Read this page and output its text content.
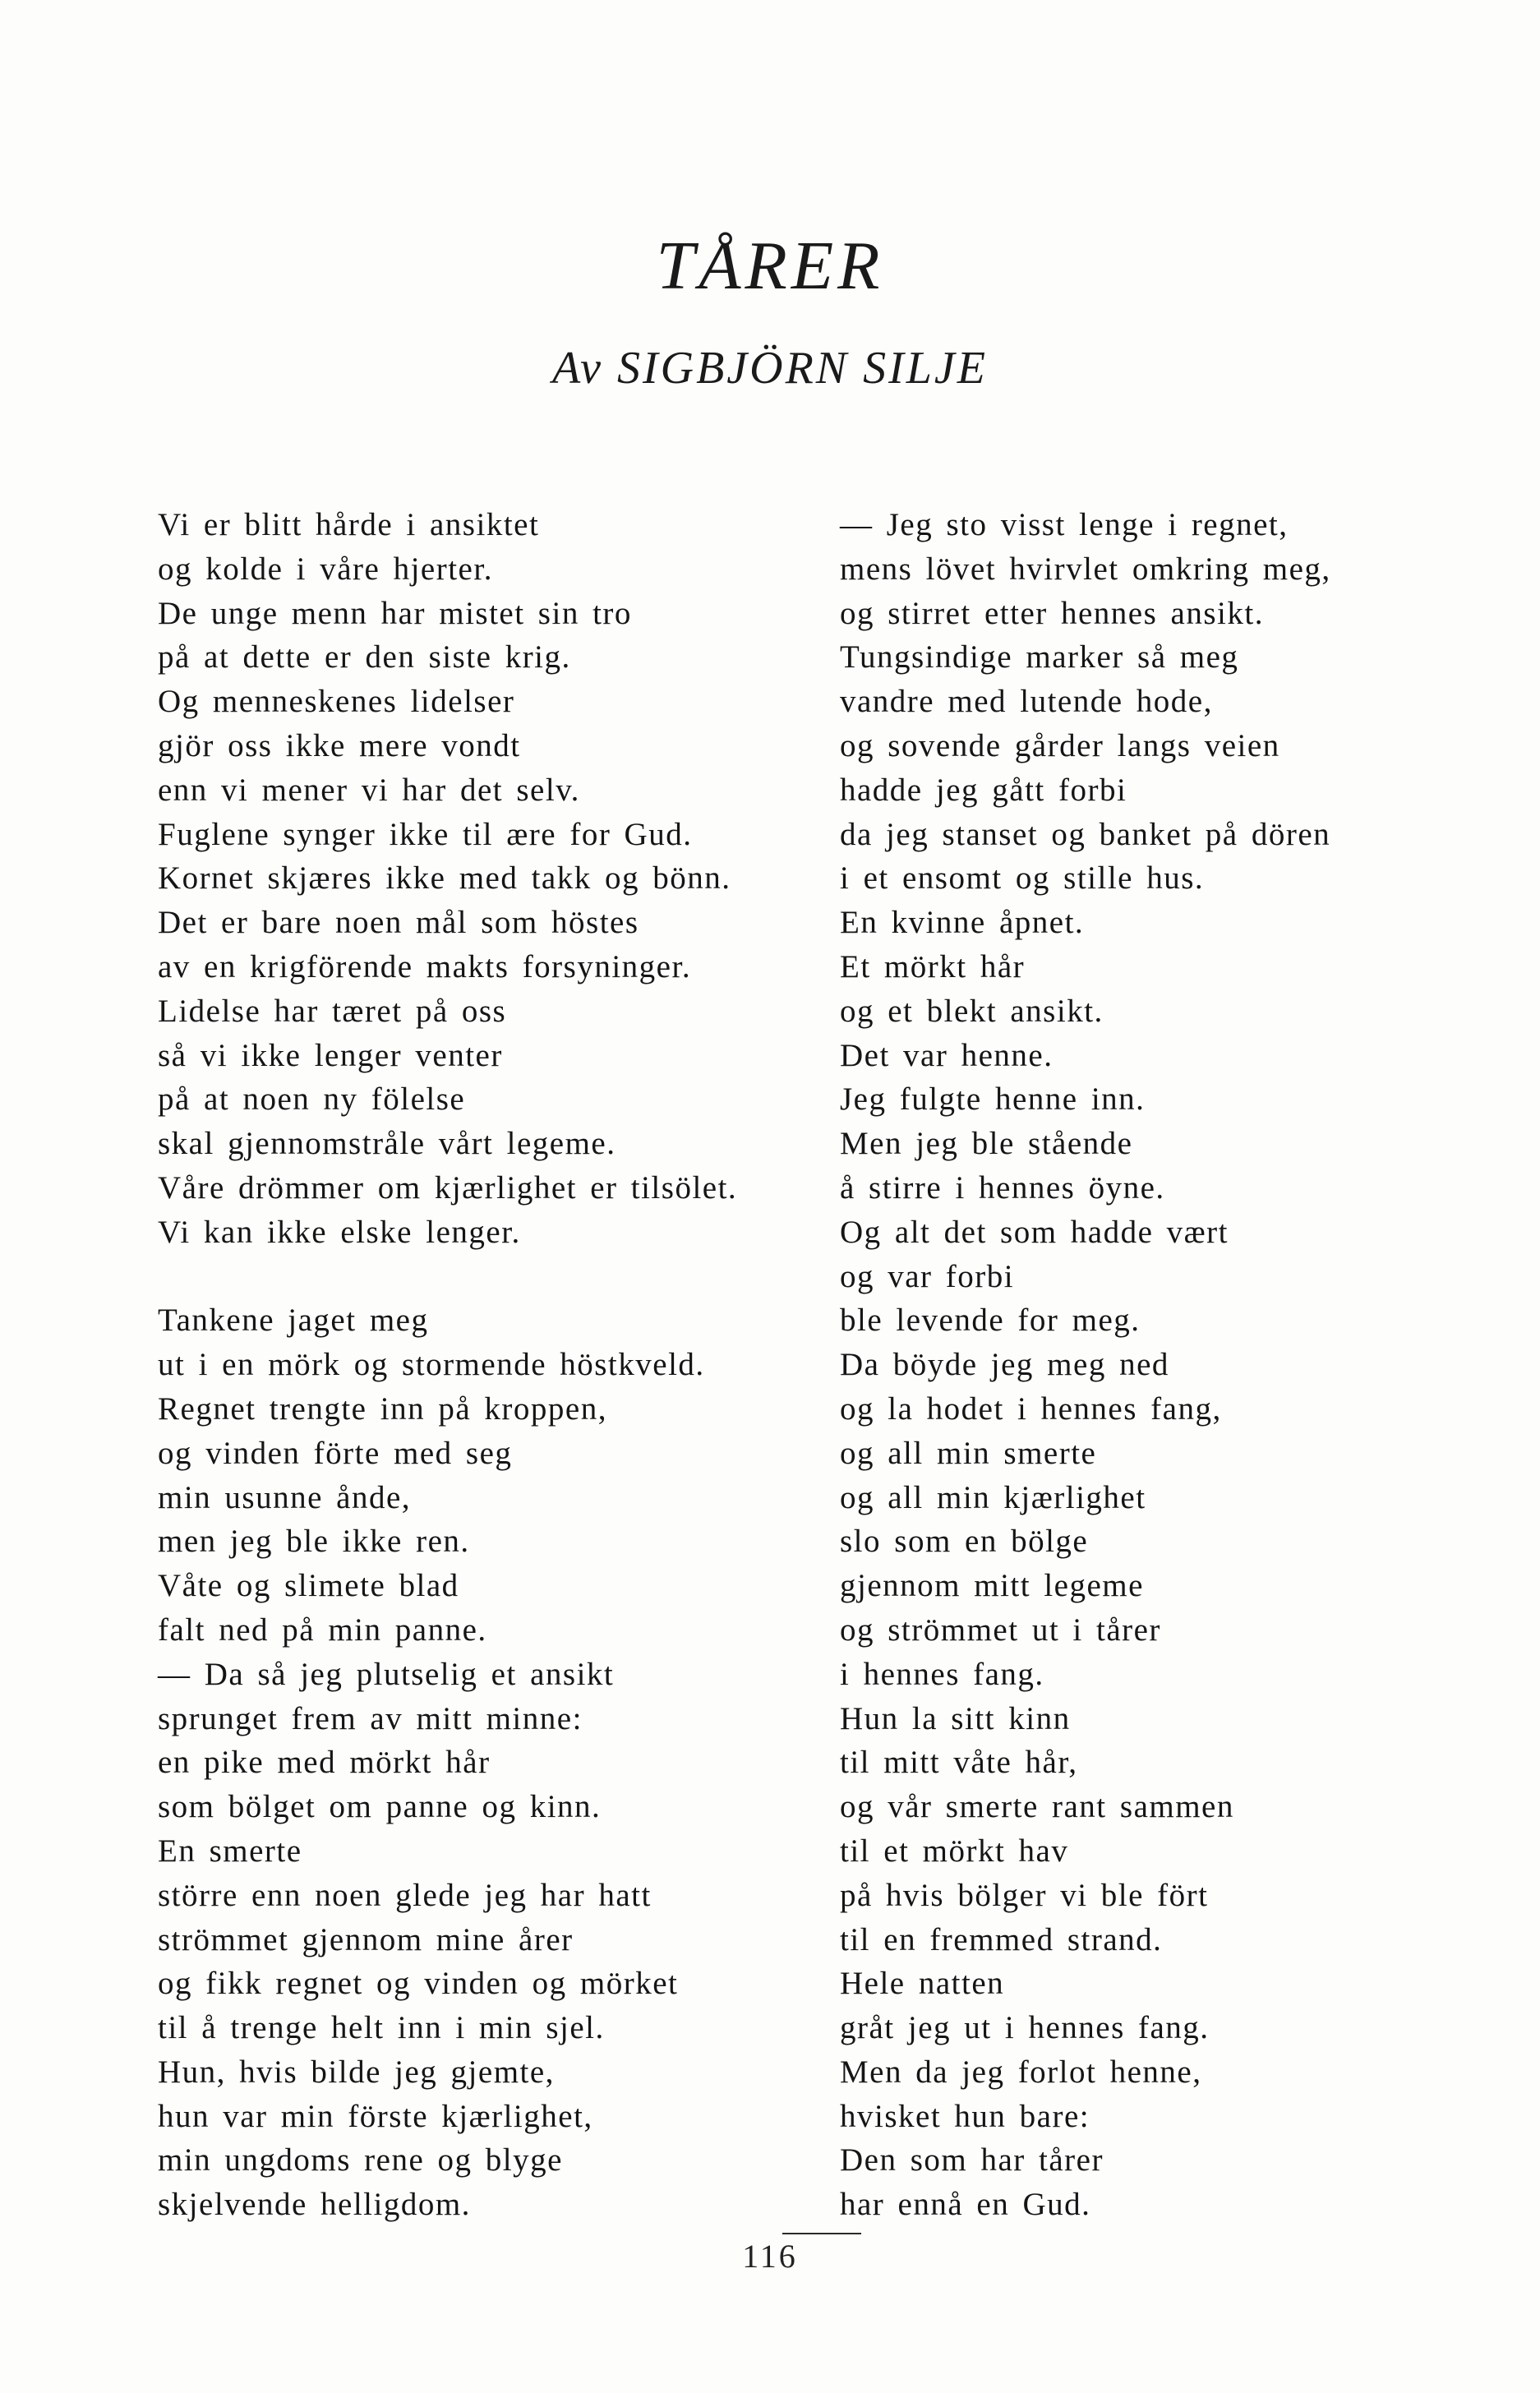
TÅRER
Av SIGBJÖRN SILJE
Vi er blitt hårde i ansiktet
og kolde i våre hjerter.
De unge menn har mistet sin tro
på at dette er den siste krig.
Og menneskenes lidelser
gjör oss ikke mere vondt
enn vi mener vi har det selv.
Fuglene synger ikke til ære for Gud.
Kornet skjæres ikke med takk og bönn.
Det er bare noen mål som höstes
av en krigförende makts forsyninger.
Lidelse har tæret på oss
så vi ikke lenger venter
på at noen ny fölelse
skal gjennomstråle vårt legeme.
Våre drömmer om kjærlighet er tilsölet.
Vi kan ikke elske lenger.
Tankene jaget meg
ut i en mörk og stormende höstkveld.
Regnet trengte inn på kroppen,
og vinden förte med seg
min usunne ånde,
men jeg ble ikke ren.
Våte og slimete blad
falt ned på min panne.
— Da så jeg plutselig et ansikt
sprunget frem av mitt minne:
en pike med mörkt hår
som bölget om panne og kinn.
En smerte
större enn noen glede jeg har hatt
strömmet gjennom mine årer
og fikk regnet og vinden og mörket
til å trenge helt inn i min sjel.
Hun, hvis bilde jeg gjemte,
hun var min förste kjærlighet,
min ungdoms rene og blyge
skjelvende helligdom.
— Jeg sto visst lenge i regnet,
mens lövet hvirvlet omkring meg,
og stirret etter hennes ansikt.
Tungsindige marker så meg
vandre med lutende hode,
og sovende gårder langs veien
hadde jeg gått forbi
da jeg stanset og banket på dören
i et ensomt og stille hus.
En kvinne åpnet.
Et mörkt hår
og et blekt ansikt.
Det var henne.
Jeg fulgte henne inn.
Men jeg ble stående
å stirre i hennes öyne.
Og alt det som hadde vært
og var forbi
ble levende for meg.
Da böyde jeg meg ned
og la hodet i hennes fang,
og all min smerte
og all min kjærlighet
slo som en bölge
gjennom mitt legeme
og strömmet ut i tårer
i hennes fang.
Hun la sitt kinn
til mitt våte hår,
og vår smerte rant sammen
til et mörkt hav
på hvis bölger vi ble fört
til en fremmed strand.
Hele natten
gråt jeg ut i hennes fang.
Men da jeg forlot henne,
hvisket hun bare:
Den som har tårer
har ennå en Gud.
116
